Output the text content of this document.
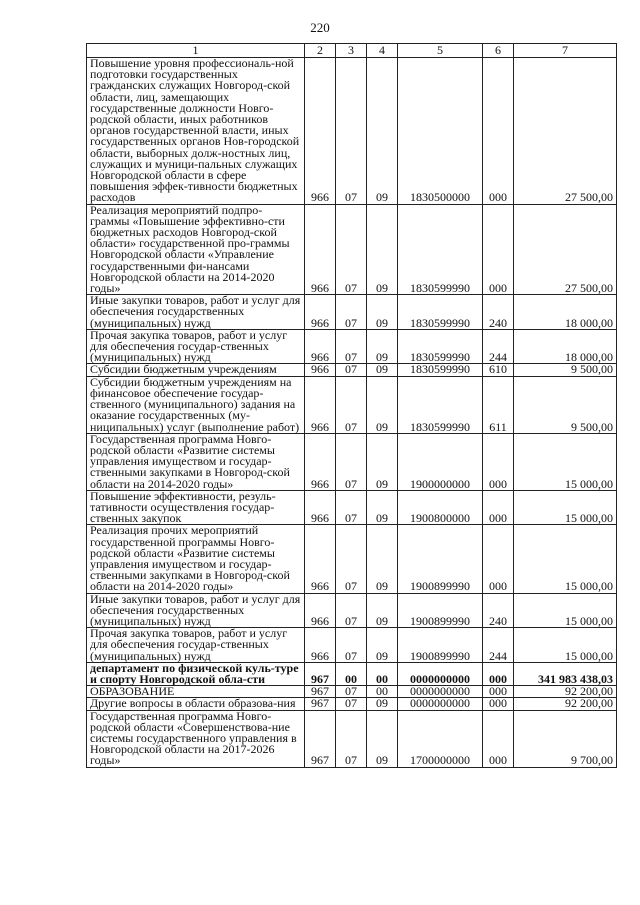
220
1	2	3	4	5	6	7
Повышение уровня профессиональ-ной подготовки государственных гражданских служащих Новгород-ской области, лиц, замещающих государственные должности Новго-родской области, иных работников органов государственной власти, иных государственных органов Нов-городской области, выборных долж-ностных лиц, служащих и муници-пальных служащих Новгородской области в сфере повышения эффек-тивности бюджетных расходов	966	07	09	1830500000	000	27 500,00
Реализация мероприятий подпро-граммы «Повышение эффективно-сти бюджетных расходов Новгород-ской области» государственной про-граммы Новгородской области «Управление государственными фи-нансами Новгородской области на 2014-2020 годы»	966	07	09	1830599990	000	27 500,00
Иные закупки товаров, работ и услуг для обеспечения государственных (муниципальных) нужд	966	07	09	1830599990	240	18 000,00
Прочая закупка товаров, работ и услуг для обеспечения государ-ственных (муниципальных) нужд	966	07	09	1830599990	244	18 000,00
Субсидии бюджетным учреждениям	966	07	09	1830599990	610	9 500,00
Субсидии бюджетным учреждениям на финансовое обеспечение государ-ственного (муниципального) задания на оказание государственных (му-ниципальных) услуг (выполнение работ)	966	07	09	1830599990	611	9 500,00
Государственная программа Новго-родской области «Развитие системы управления имуществом и государ-ственными закупками в Новгород-ской области на 2014-2020 годы»	966	07	09	1900000000	000	15 000,00
Повышение эффективности, резуль-тативности осуществления государ-ственных закупок	966	07	09	1900800000	000	15 000,00
Реализация прочих мероприятий государственной программы Новго-родской области «Развитие системы управления имуществом и государ-ственными закупками в Новгород-ской области на 2014-2020 годы»	966	07	09	1900899990	000	15 000,00
Иные закупки товаров, работ и услуг для обеспечения государственных (муниципальных) нужд	966	07	09	1900899990	240	15 000,00
Прочая закупка товаров, работ и услуг для обеспечения государ-ственных (муниципальных) нужд	966	07	09	1900899990	244	15 000,00
департамент по физической куль-туре и спорту Новгородской обла-сти	967	00	00	0000000000	000	341 983 438,03
ОБРАЗОВАНИЕ	967	07	00	0000000000	000	92 200,00
Другие вопросы в области образова-ния	967	07	09	0000000000	000	92 200,00
Государственная программа Новго-родской области «Совершенствова-ние системы государственного управления в Новгородской области на 2017-2026 годы»	967	07	09	1700000000	000	9 700,00
